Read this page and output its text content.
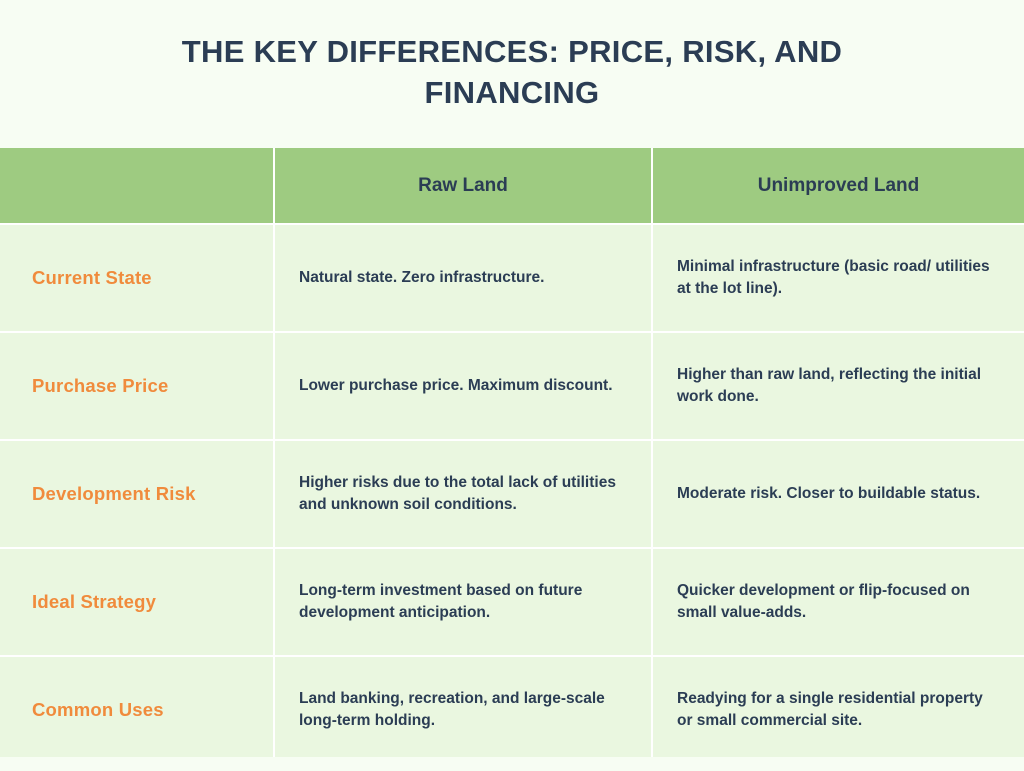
THE KEY DIFFERENCES: PRICE, RISK, AND FINANCING
	Raw Land	Unimproved Land
Current State	Natural state. Zero infrastructure.	Minimal infrastructure (basic road/ utilities at the lot line).
Purchase Price	Lower purchase price. Maximum discount.	Higher than raw land, reflecting the initial work done.
Development Risk	Higher risks due to the total lack of utilities and unknown soil conditions.	Moderate risk. Closer to buildable status.
Ideal Strategy	Long-term investment based on future development anticipation.	Quicker development or flip-focused on small value-adds.
Common Uses	Land banking, recreation, and large-scale long-term holding.	Readying for a single residential property or small commercial site.
